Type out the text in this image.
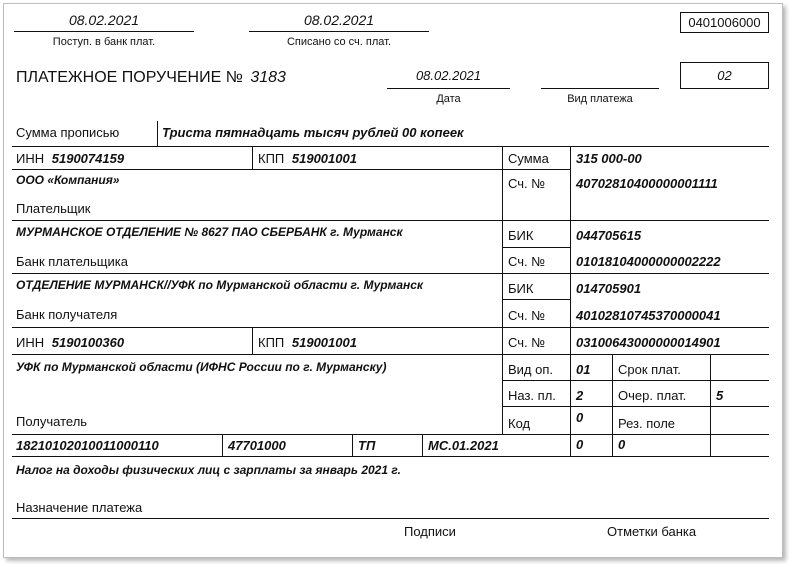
08.02.2021
Поступ. в банк плат.
08.02.2021
Списано со сч. плат.
0401006000
ПЛАТЕЖНОЕ ПОРУЧЕНИЕ № 3183	08.02.2021
Дата	Вид платежа
02
Сумма прописью	Триста пятнадцать тысяч рублей 00 копеек
ИНН 5190074159	КПП 519001001	Сумма 315 000-00
ООО «Компания»
Плательщик
Сч. № 40702810400000001111
МУРМАНСКОЕ ОТДЕЛЕНИЕ № 8627 ПАО СБЕРБАНК г. Мурманск
Банк плательщика
БИК	044705615
Сч. № 01018104000000002222
ОТДЕЛЕНИЕ МУРМАНСК//УФК по Мурманской области г. Мурманск
Банк получателя
БИК	014705901
Сч. № 40102810745370000041
ИНН 5190100360	КПП 519001001	Сч. № 03100643000000014901
УФК по Мурманской области (ИФНС России по г. Мурманску)
Получатель
Вид оп. 01 Срок плат.
Наз. пл. 2	Очер. плат. 5
Код	0	Рез. поле
18210102010011000110	47701000	ТП	МС.01.2021	0	0
Налог на доходы физических лиц с зарплаты за январь 2021 г.
Назначение платежа
Подписи	Отметки банка
